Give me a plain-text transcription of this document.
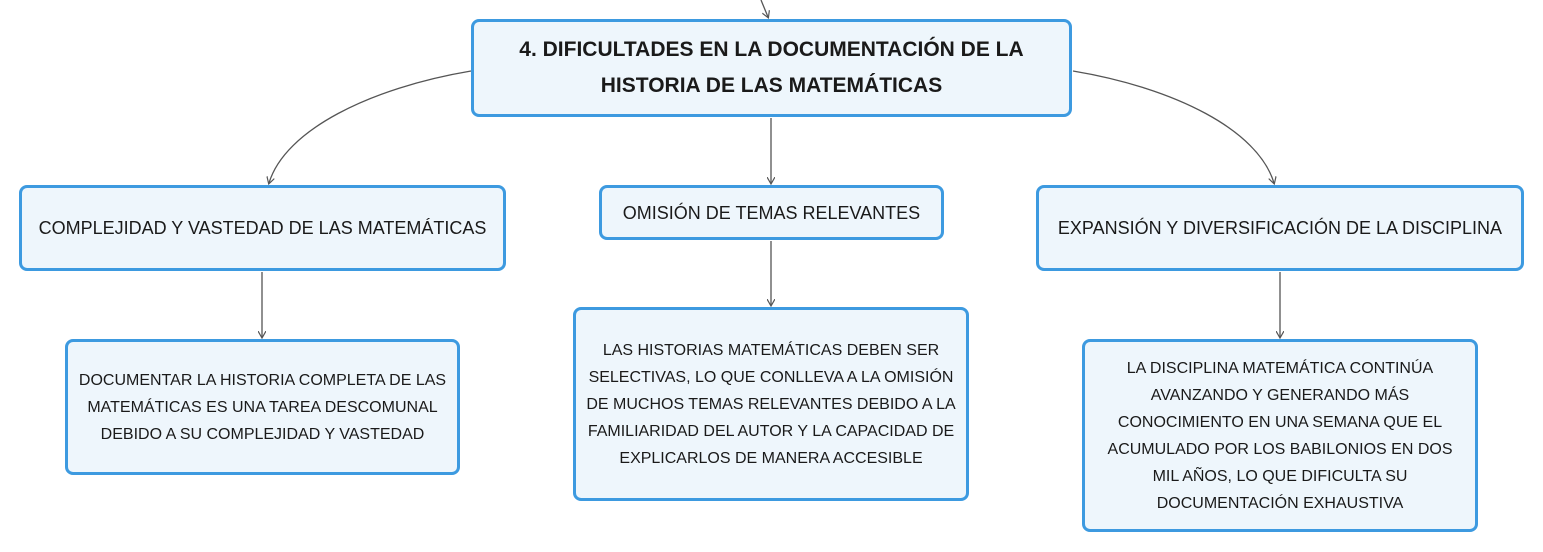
4. DIFICULTADES EN LA DOCUMENTACIÓN DE LA HISTORIA DE LAS MATEMÁTICAS
COMPLEJIDAD Y VASTEDAD DE LAS MATEMÁTICAS
OMISIÓN DE TEMAS RELEVANTES
EXPANSIÓN Y DIVERSIFICACIÓN DE LA DISCIPLINA
DOCUMENTAR LA HISTORIA COMPLETA DE LAS MATEMÁTICAS ES UNA TAREA DESCOMUNAL DEBIDO A SU COMPLEJIDAD Y VASTEDAD
LAS HISTORIAS MATEMÁTICAS DEBEN SER SELECTIVAS, LO QUE CONLLEVA A LA OMISIÓN DE MUCHOS TEMAS RELEVANTES DEBIDO A LA FAMILIARIDAD DEL AUTOR Y LA CAPACIDAD DE EXPLICARLOS DE MANERA ACCESIBLE
LA DISCIPLINA MATEMÁTICA CONTINÚA AVANZANDO Y GENERANDO MÁS CONOCIMIENTO EN UNA SEMANA QUE EL ACUMULADO POR LOS BABILONIOS EN DOS MIL AÑOS, LO QUE DIFICULTA SU DOCUMENTACIÓN EXHAUSTIVA
